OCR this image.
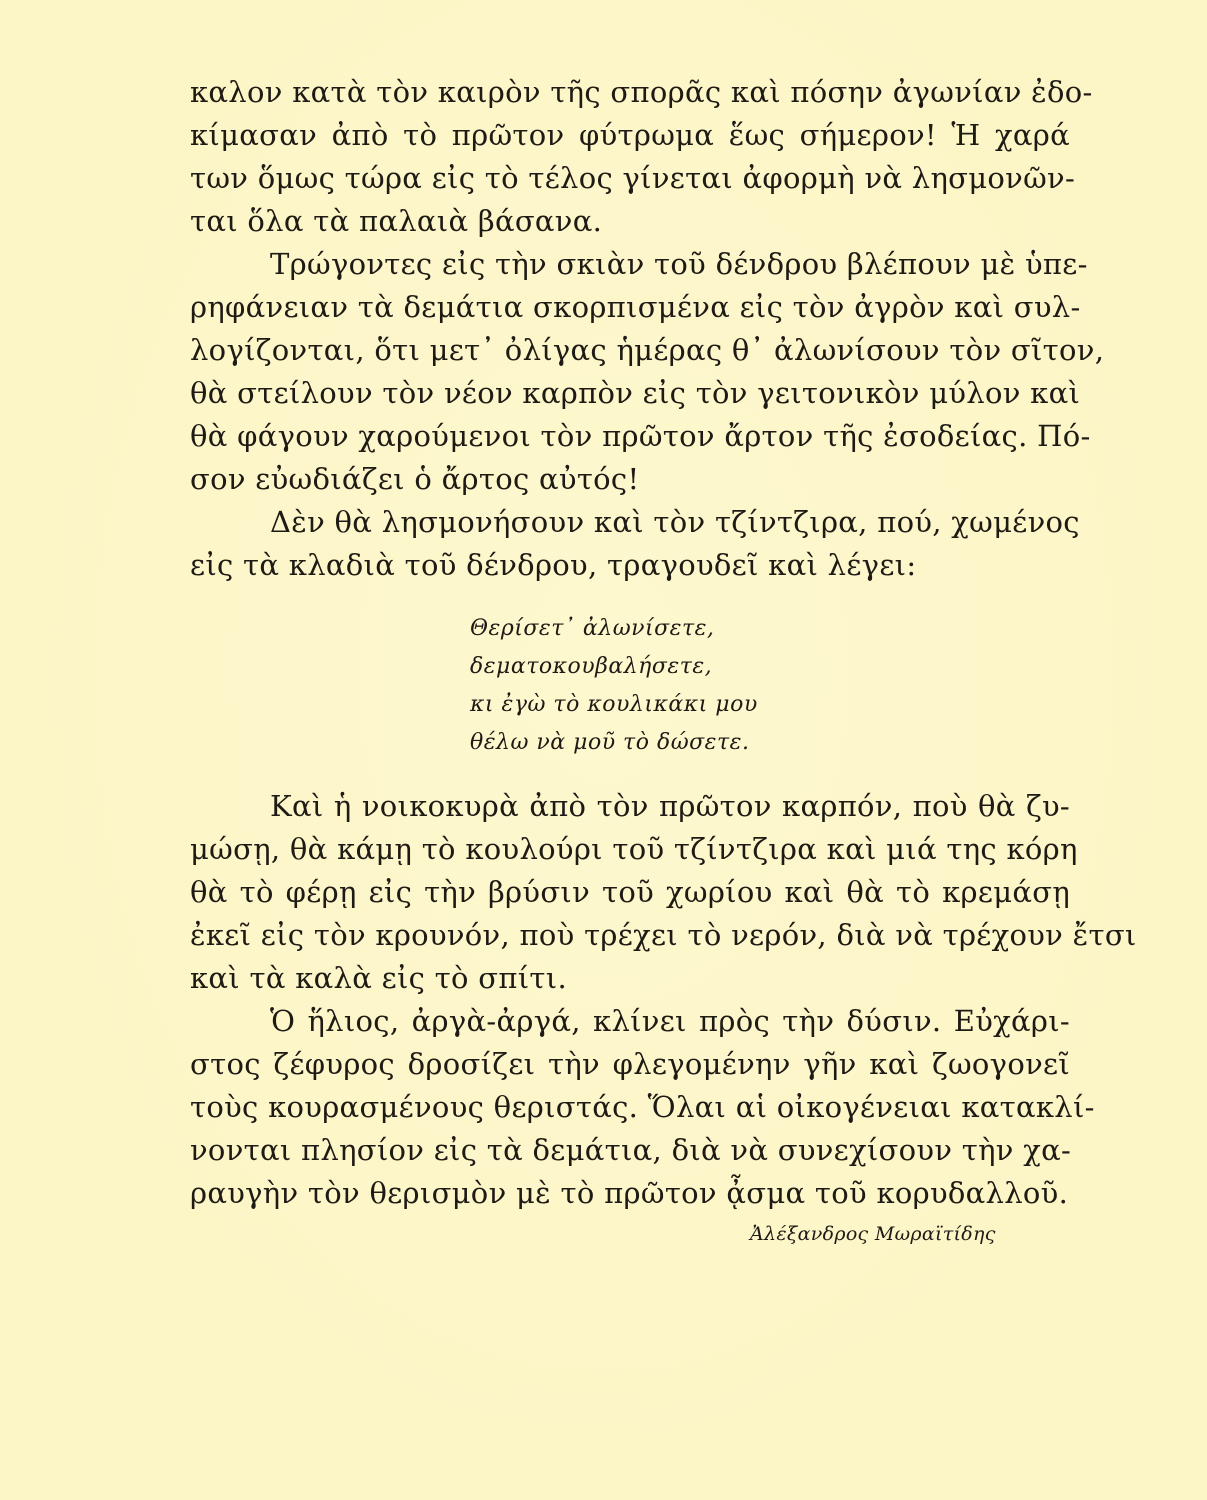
καλον κατὰ τὸν καιρὸν τῆς σπορᾶς καὶ πόσην ἀγωνίαν ἐδο-
κίμασαν ἀπὸ τὸ πρῶτον φύτρωμα ἕως σήμερον! Ἡ χαρά
των ὅμως τώρα εἰς τὸ τέλος γίνεται ἀφορμὴ νὰ λησμονῶν-
ται ὅλα τὰ παλαιὰ βάσανα.
Τρώγοντες εἰς τὴν σκιὰν τοῦ δένδρου βλέπουν μὲ ὑπε-
ρηφάνειαν τὰ δεμάτια σκορπισμένα εἰς τὸν ἀγρὸν καὶ συλ-
λογίζονται, ὅτι μετ᾽ ὀλίγας ἡμέρας θ᾽ ἀλωνίσουν τὸν σῖτον,
θὰ στείλουν τὸν νέον καρπὸν εἰς τὸν γειτονικὸν μύλον καὶ
θὰ φάγουν χαρούμενοι τὸν πρῶτον ἄρτον τῆς ἐσοδείας. Πό-
σον εὐωδιάζει ὁ ἄρτος αὐτός!
Δὲν θὰ λησμονήσουν καὶ τὸν τζίντζιρα, πού, χωμένος
εἰς τὰ κλαδιὰ τοῦ δένδρου, τραγουδεῖ καὶ λέγει:
Θερίσετ᾽ ἀλωνίσετε,
δεματοκουβαλήσετε,
κι ἐγὼ τὸ κουλικάκι μου
θέλω νὰ μοῦ τὸ δώσετε.
Καὶ ἡ νοικοκυρὰ ἀπὸ τὸν πρῶτον καρπόν, ποὺ θὰ ζυ-
μώσῃ, θὰ κάμῃ τὸ κουλούρι τοῦ τζίντζιρα καὶ μιά της κόρη
θὰ τὸ φέρῃ εἰς τὴν βρύσιν τοῦ χωρίου καὶ θὰ τὸ κρεμάσῃ
ἐκεῖ εἰς τὸν κρουνόν, ποὺ τρέχει τὸ νερόν, διὰ νὰ τρέχουν ἔτσι
καὶ τὰ καλὰ εἰς τὸ σπίτι.
Ὁ ἥλιος, ἀργὰ-ἀργά, κλίνει πρὸς τὴν δύσιν. Εὐχάρι-
στος ζέφυρος δροσίζει τὴν φλεγομένην γῆν καὶ ζωογονεῖ
τοὺς κουρασμένους θεριστάς. Ὅλαι αἱ οἰκογένειαι κατακλί-
νονται πλησίον εἰς τὰ δεμάτια, διὰ νὰ συνεχίσουν τὴν χα-
ραυγὴν τὸν θερισμὸν μὲ τὸ πρῶτον ᾆσμα τοῦ κορυδαλλοῦ.
Ἀλέξανδρος Μωραϊτίδης
